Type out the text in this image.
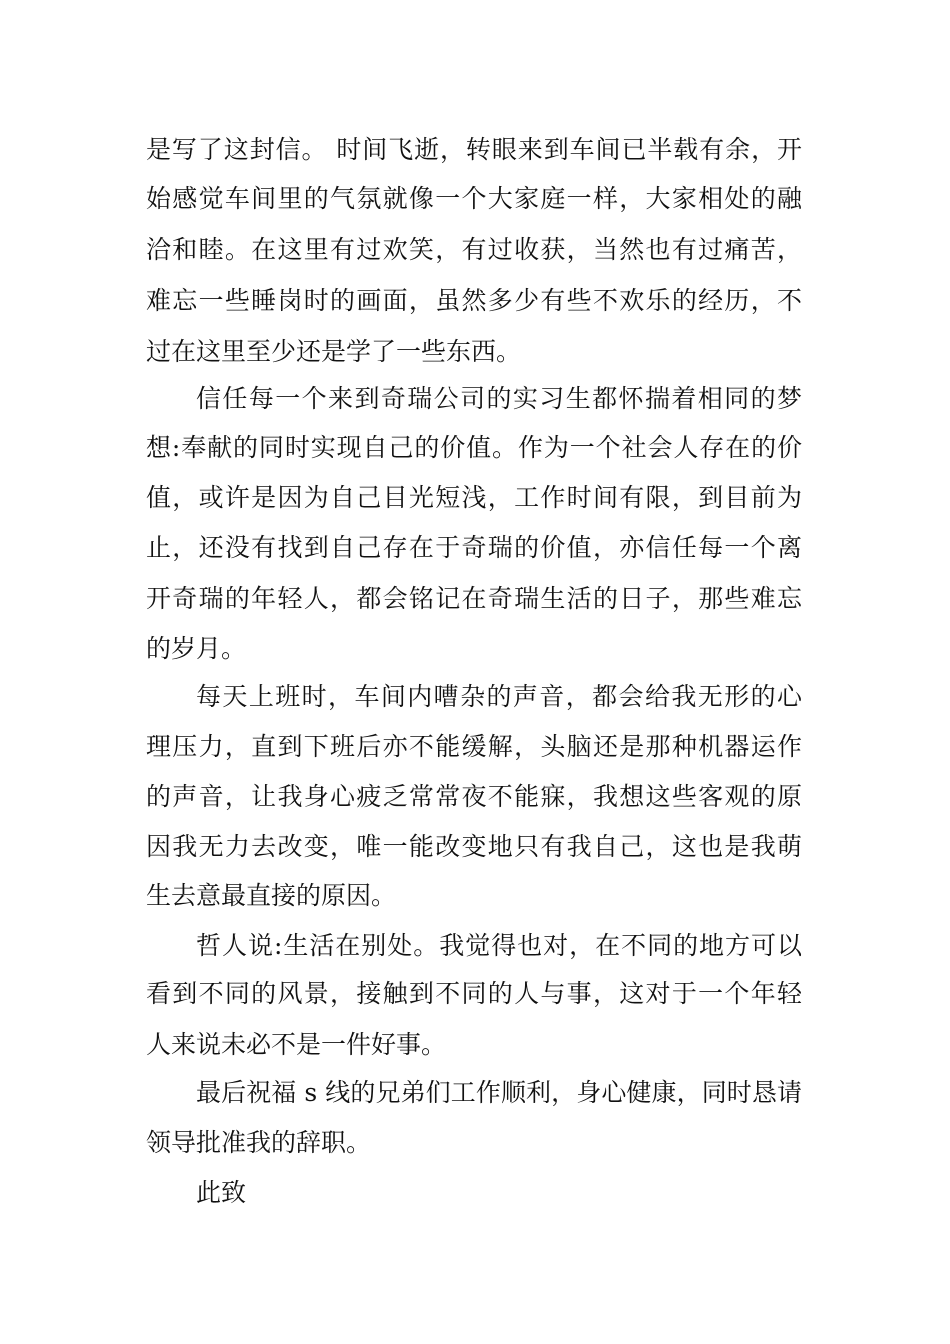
是写了这封信。 时间飞逝，转眼来到车间已半载有余，开
始感觉车间里的气氛就像一个大家庭一样，大家相处的融
洽和睦。在这里有过欢笑，有过收获，当然也有过痛苦，
难忘一些睡岗时的画面，虽然多少有些不欢乐的经历，不
过在这里至少还是学了一些东西。
信任每一个来到奇瑞公司的实习生都怀揣着相同的梦
想:奉献的同时实现自己的价值。作为一个社会人存在的价
值，或许是因为自己目光短浅，工作时间有限，到目前为
止，还没有找到自己存在于奇瑞的价值，亦信任每一个离
开奇瑞的年轻人，都会铭记在奇瑞生活的日子，那些难忘
的岁月。
每天上班时，车间内嘈杂的声音，都会给我无形的心
理压力，直到下班后亦不能缓解，头脑还是那种机器运作
的声音，让我身心疲乏常常夜不能寐，我想这些客观的原
因我无力去改变，唯一能改变地只有我自己，这也是我萌
生去意最直接的原因。
哲人说:生活在别处。我觉得也对，在不同的地方可以
看到不同的风景，接触到不同的人与事，这对于一个年轻
人来说未必不是一件好事。
最后祝福 s 线的兄弟们工作顺利，身心健康，同时恳请
领导批准我的辞职。
此致
